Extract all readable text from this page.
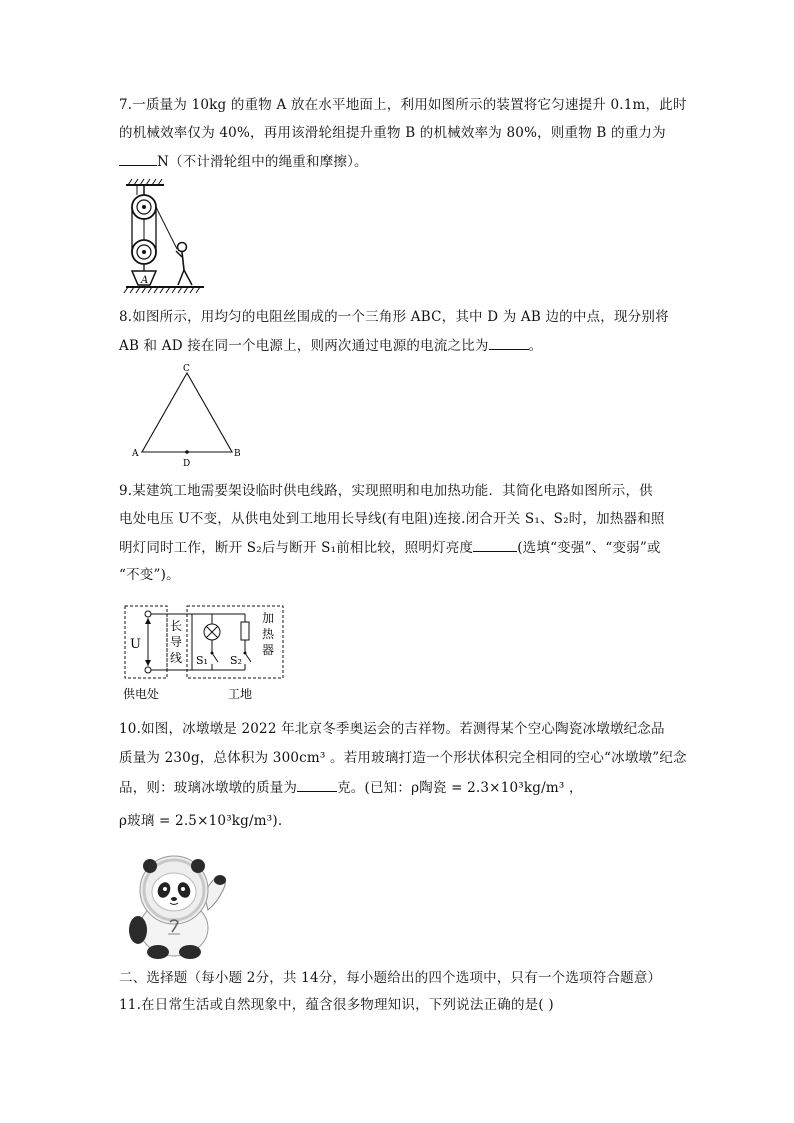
7.一质量为 10kg 的重物 A 放在水平地面上，利用如图所示的装置将它匀速提升 0.1m，此时
的机械效率仅为 40%，再用该滑轮组提升重物 B 的机械效率为 80%，则重物 B 的重力为
N（不计滑轮组中的绳重和摩擦）。
A
8.如图所示，用均匀的电阻丝围成的一个三角形 ABC，其中 D 为 AB 边的中点，现分别将
AB 和 AD 接在同一个电源上，则两次通过电源的电流之比为	。
C
A	B
D
9.某建筑工地需要架设临时供电线路，实现照明和电加热功能．其简化电路如图所示，供
电处电压 U不变，从供电处到工地用长导线(有电阻)连接.闭合开关 S₁、S₂时，加热器和照
明灯同时工作，断开 S₂后与断开 S₁前相比较，照明灯亮度	(选填“变强”、“变弱”或
“不变”)。
U
S₁ S₂
长
导
线
加
热
器
供电处	工地
10.如图，冰墩墩是 2022 年北京冬季奥运会的吉祥物。若测得某个空心陶瓷冰墩墩纪念品
质量为 230g，总体积为 300cm³ 。若用玻璃打造一个形状体积完全相同的空心“冰墩墩”纪念
品，则：玻璃冰墩墩的质量为	克。(已知：ρ陶瓷 = 2.3×10³kg/m³ ，
ρ玻璃 = 2.5×10³kg/m³).
二、选择题（每小题 2分，共 14分，每小题给出的四个选项中，只有一个选项符合题意）
11.在日常生活或自然现象中，蕴含很多物理知识，下列说法正确的是( )
